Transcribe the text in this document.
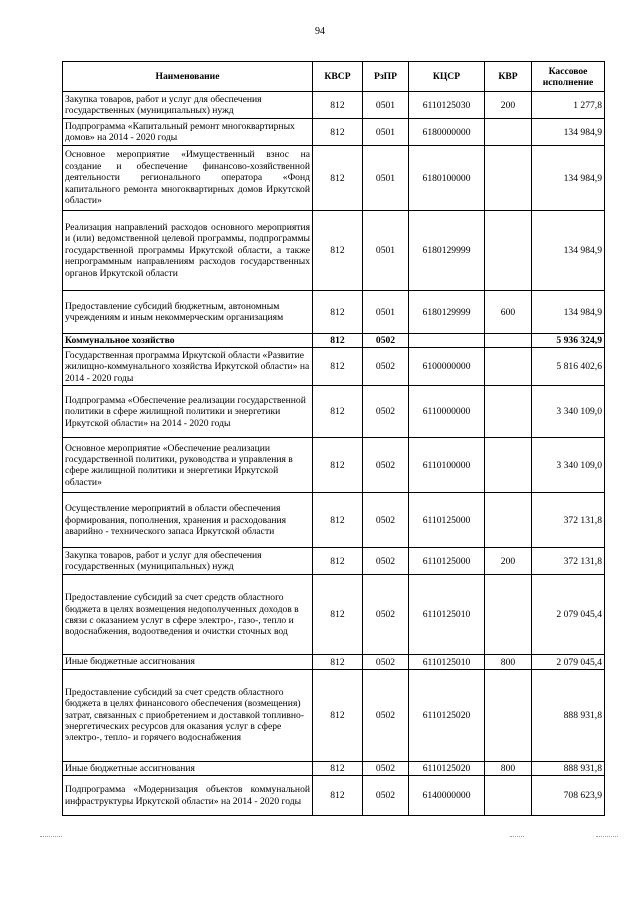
94
Наименование	КВСР	РзПР	КЦСР	КВР	Кассовое исполнение
Закупка товаров, работ и услуг для обеспечения государственных (муниципальных) нужд	812	0501	6110125030	200	1 277,8
Подпрограмма «Капитальный ремонт многоквартирных домов» на 2014 - 2020 годы	812	0501	6180000000		134 984,9
Основное мероприятие «Имущественный взнос на создание и обеспечение финансово-хозяйственной деятельности регионального оператора «Фонд капитального ремонта многоквартирных домов Иркутской области»	812	0501	6180100000		134 984,9
Реализация направлений расходов основного мероприятия и (или) ведомственной целевой программы, подпрограммы государственной программы Иркутской области, а также непрограммным направлениям расходов государственных органов Иркутской области	812	0501	6180129999		134 984,9
Предоставление субсидий бюджетным, автономным учреждениям и иным некоммерческим организациям	812	0501	6180129999	600	134 984,9
Коммунальное хозяйство	812	0502			5 936 324,9
Государственная программа Иркутской области «Развитие жилищно-коммунального хозяйства Иркутской области» на 2014 - 2020 годы	812	0502	6100000000		5 816 402,6
Подпрограмма «Обеспечение реализации государственной политики в сфере жилищной политики и энергетики Иркутской области» на 2014 - 2020 годы	812	0502	6110000000		3 340 109,0
Основное мероприятие «Обеспечение реализации государственной политики, руководства и управления в сфере жилищной политики и энергетики Иркутской области»	812	0502	6110100000		3 340 109,0
Осуществление мероприятий в области обеспечения формирования, пополнения, хранения и расходования аварийно - технического запаса Иркутской области	812	0502	6110125000		372 131,8
Закупка товаров, работ и услуг для обеспечения государственных (муниципальных) нужд	812	0502	6110125000	200	372 131,8
Предоставление субсидий за счет средств областного бюджета в целях возмещения недополученных доходов в связи с оказанием услуг в сфере электро-, газо-, тепло и водоснабжения, водоотведения и очистки сточных вод	812	0502	6110125010		2 079 045,4
Иные бюджетные ассигнования	812	0502	6110125010	800	2 079 045,4
Предоставление субсидий за счет средств областного бюджета в целях финансового обеспечения (возмещения) затрат, связанных с приобретением и доставкой топливно-энергетических ресурсов для оказания услуг в сфере электро-, тепло- и горячего водоснабжения	812	0502	6110125020		888 931,8
Иные бюджетные ассигнования	812	0502	6110125020	800	888 931,8
Подпрограмма «Модернизация объектов коммунальной инфраструктуры Иркутской области» на 2014 - 2020 годы	812	0502	6140000000		708 623,9
